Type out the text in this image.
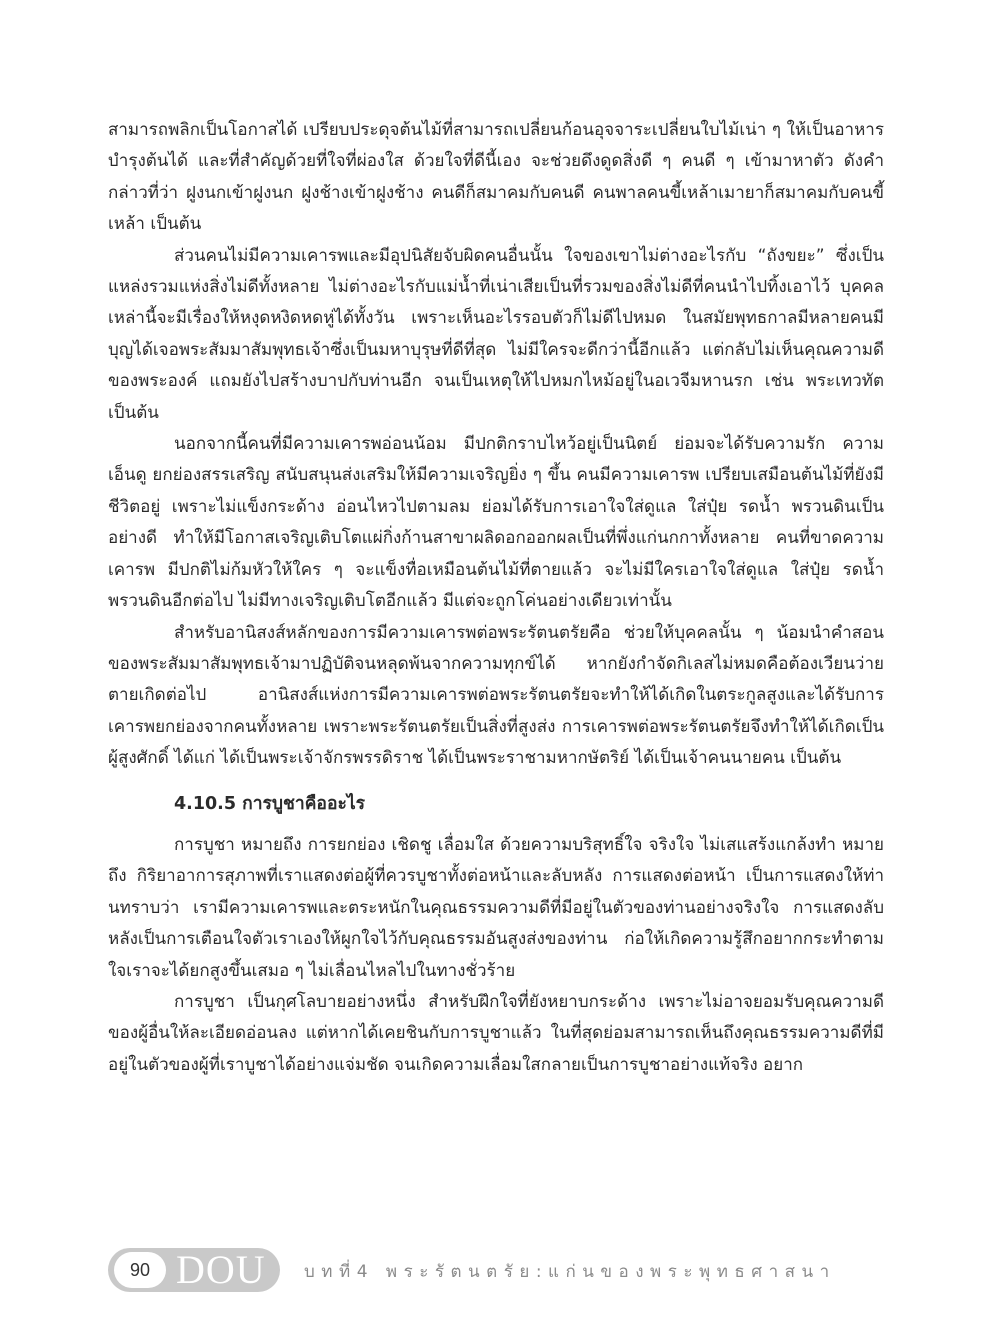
สามารถพลิกเป็นโอกาสได้ เปรียบประดุจต้นไม้ที่สามารถเปลี่ยนก้อนอุจจาระเปลี่ยนใบไม้เน่า ๆ ให้เป็นอาหารบำรุงต้นได้ และที่สำคัญด้วยที่ใจที่ผ่องใส ด้วยใจที่ดีนี้เอง จะช่วยดึงดูดสิ่งดี ๆ คนดี ๆ เข้ามาหาตัว ดังคำกล่าวที่ว่า ฝูงนกเข้าฝูงนก ฝูงช้างเข้าฝูงช้าง คนดีก็สมาคมกับคนดี คนพาลคนขี้เหล้าเมายาก็สมาคมกับคนขี้เหล้า เป็นต้น

ส่วนคนไม่มีความเคารพและมีอุปนิสัยจับผิดคนอื่นนั้น ใจของเขาไม่ต่างอะไรกับ “ถังขยะ” ซึ่งเป็นแหล่งรวมแห่งสิ่งไม่ดีทั้งหลาย ไม่ต่างอะไรกับแม่น้ำที่เน่าเสียเป็นที่รวมของสิ่งไม่ดีที่คนนำไปทิ้งเอาไว้ บุคคลเหล่านี้จะมีเรื่องให้หงุดหงิดหดหู่ได้ทั้งวัน เพราะเห็นอะไรรอบตัวก็ไม่ดีไปหมด ในสมัยพุทธกาลมีหลายคนมีบุญได้เจอพระสัมมาสัมพุทธเจ้าซึ่งเป็นมหาบุรุษที่ดีที่สุด ไม่มีใครจะดีกว่านี้อีกแล้ว แต่กลับไม่เห็นคุณความดีของพระองค์ แถมยังไปสร้างบาปกับท่านอีก จนเป็นเหตุให้ไปหมกไหม้อยู่ในอเวจีมหานรก เช่น พระเทวทัต เป็นต้น

นอกจากนี้คนที่มีความเคารพอ่อนน้อม มีปกติกราบไหว้อยู่เป็นนิตย์ ย่อมจะได้รับความรัก ความเอ็นดู ยกย่องสรรเสริญ สนับสนุนส่งเสริมให้มีความเจริญยิ่ง ๆ ขึ้น คนมีความเคารพ เปรียบเสมือนต้นไม้ที่ยังมีชีวิตอยู่ เพราะไม่แข็งกระด้าง อ่อนไหวไปตามลม ย่อมได้รับการเอาใจใส่ดูแล ใส่ปุ๋ย รดน้ำ พรวนดินเป็นอย่างดี ทำให้มีโอกาสเจริญเติบโตแผ่กิ่งก้านสาขาผลิดอกออกผลเป็นที่พึ่งแก่นกกาทั้งหลาย คนที่ขาดความเคารพ มีปกติไม่ก้มหัวให้ใคร ๆ จะแข็งทื่อเหมือนต้นไม้ที่ตายแล้ว จะไม่มีใครเอาใจใส่ดูแล ใส่ปุ๋ย รดน้ำ พรวนดินอีกต่อไป ไม่มีทางเจริญเติบโตอีกแล้ว มีแต่จะถูกโค่นอย่างเดียวเท่านั้น

สำหรับอานิสงส์หลักของการมีความเคารพต่อพระรัตนตรัยคือ ช่วยให้บุคคลนั้น ๆ น้อมนำคำสอนของพระสัมมาสัมพุทธเจ้ามาปฏิบัติจนหลุดพ้นจากความทุกข์ได้ หากยังกำจัดกิเลสไม่หมดคือต้องเวียนว่ายตายเกิดต่อไป อานิสงส์แห่งการมีความเคารพต่อพระรัตนตรัยจะทำให้ได้เกิดในตระกูลสูงและได้รับการเคารพยกย่องจากคนทั้งหลาย เพราะพระรัตนตรัยเป็นสิ่งที่สูงส่ง การเคารพต่อพระรัตนตรัยจึงทำให้ได้เกิดเป็นผู้สูงศักดิ์ ได้แก่ ได้เป็นพระเจ้าจักรพรรดิราช ได้เป็นพระราชามหากษัตริย์ ได้เป็นเจ้าคนนายคน เป็นต้น

4.10.5 การบูชาคืออะไร

การบูชา หมายถึง การยกย่อง เชิดชู เลื่อมใส ด้วยความบริสุทธิ์ใจ จริงใจ ไม่เสแสร้งแกล้งทำ หมายถึง กิริยาอาการสุภาพที่เราแสดงต่อผู้ที่ควรบูชาทั้งต่อหน้าและลับหลัง การแสดงต่อหน้า เป็นการแสดงให้ท่านทราบว่า เรามีความเคารพและตระหนักในคุณธรรมความดีที่มีอยู่ในตัวของท่านอย่างจริงใจ การแสดงลับหลังเป็นการเตือนใจตัวเราเองให้ผูกใจไว้กับคุณธรรมอันสูงส่งของท่าน ก่อให้เกิดความรู้สึกอยากกระทำตาม ใจเราจะได้ยกสูงขึ้นเสมอ ๆ ไม่เลื่อนไหลไปในทางชั่วร้าย

การบูชา เป็นกุศโลบายอย่างหนึ่ง สำหรับฝึกใจที่ยังหยาบกระด้าง เพราะไม่อาจยอมรับคุณความดีของผู้อื่นให้ละเอียดอ่อนลง แต่หากได้เคยชินกับการบูชาแล้ว ในที่สุดย่อมสามารถเห็นถึงคุณธรรมความดีที่มีอยู่ในตัวของผู้ที่เราบูชาได้อย่างแจ่มชัด จนเกิดความเลื่อมใสกลายเป็นการบูชาอย่างแท้จริง อยาก

90 DOU บทที่4 พระรัตนตรัย:แก่นของพระพุทธศาสนา
